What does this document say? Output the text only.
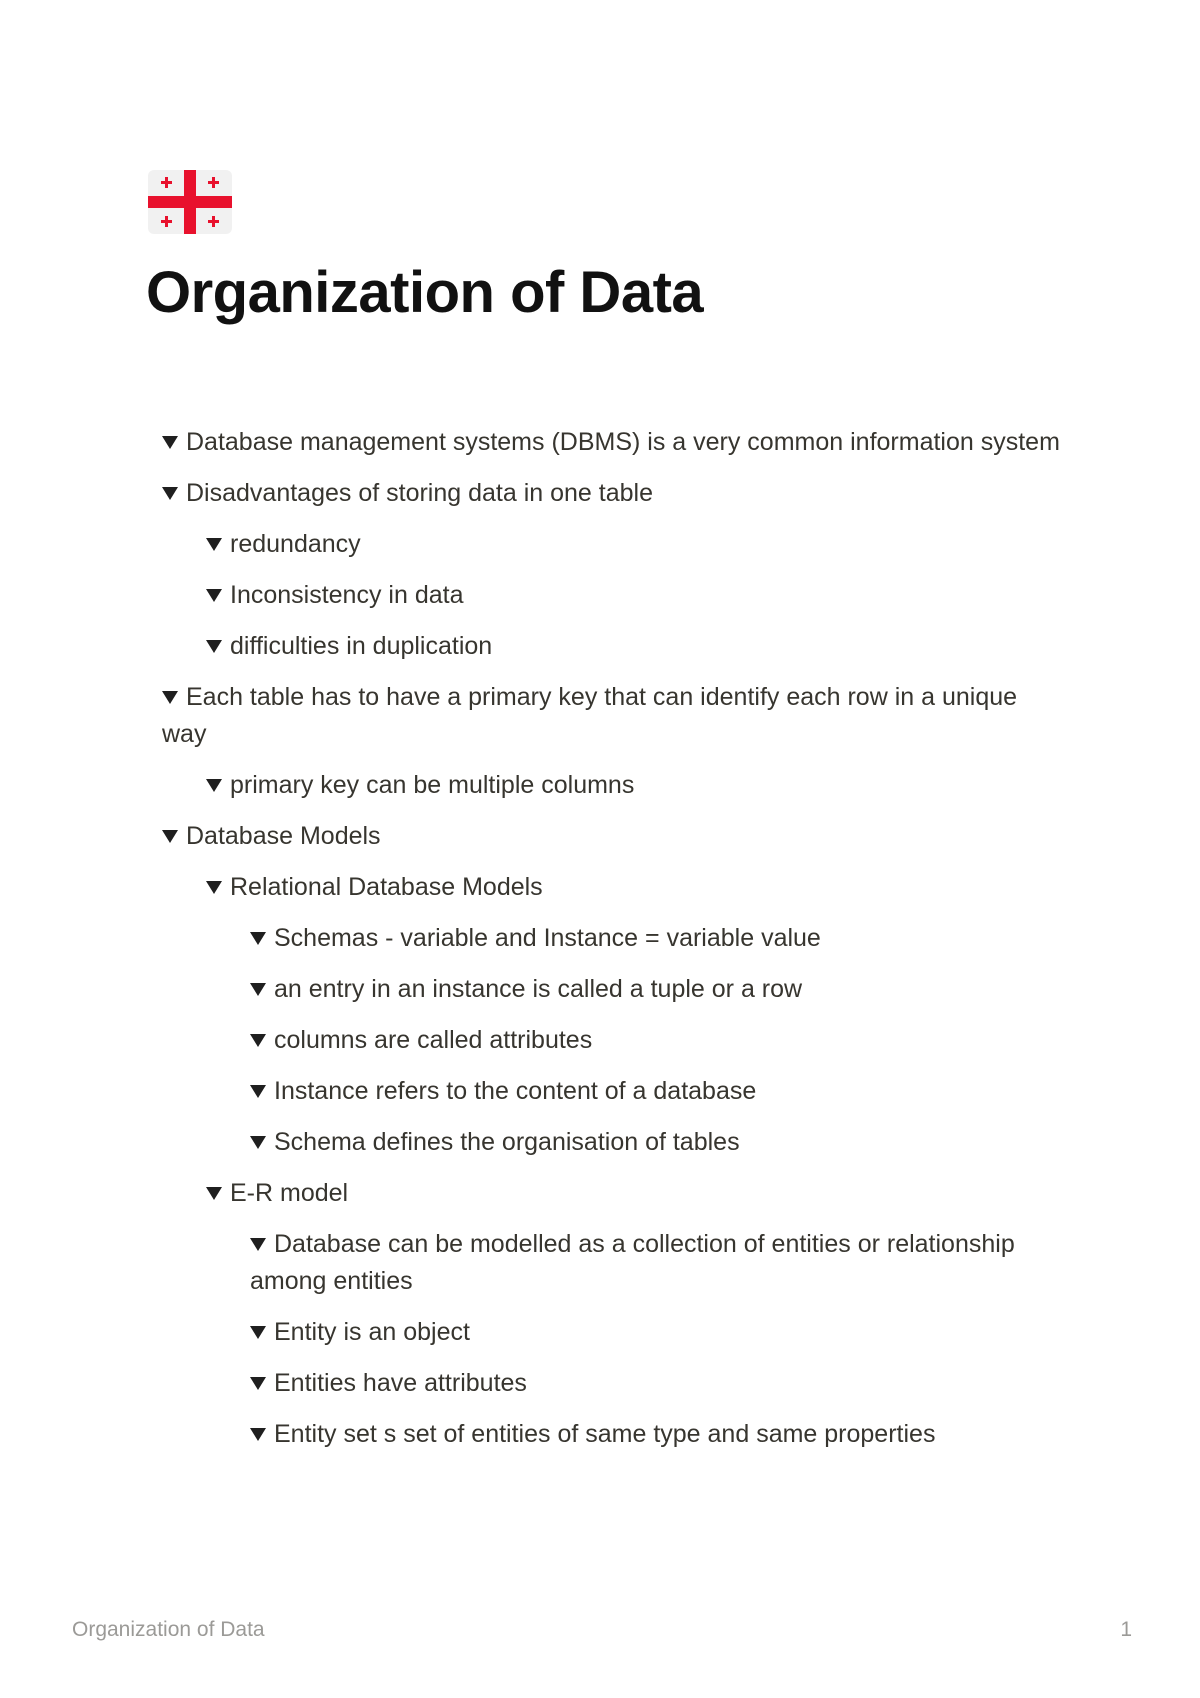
Organization of Data
Database management systems (DBMS) is a very common information system
Disadvantages of storing data in one table
redundancy
Inconsistency in data
difficulties in duplication
Each table has to have a primary key that can identify each row in a unique way
primary key can be multiple columns
Database Models
Relational Database Models
Schemas - variable and Instance = variable value
an entry in an instance is called a tuple or a row
columns are called attributes
Instance refers to the content of a database
Schema defines the organisation of tables
E-R model
Database can be modelled as a collection of entities or relationship among entities
Entity is an object
Entities have attributes
Entity set s set of entities of same type and same properties
Organization of Data	1
